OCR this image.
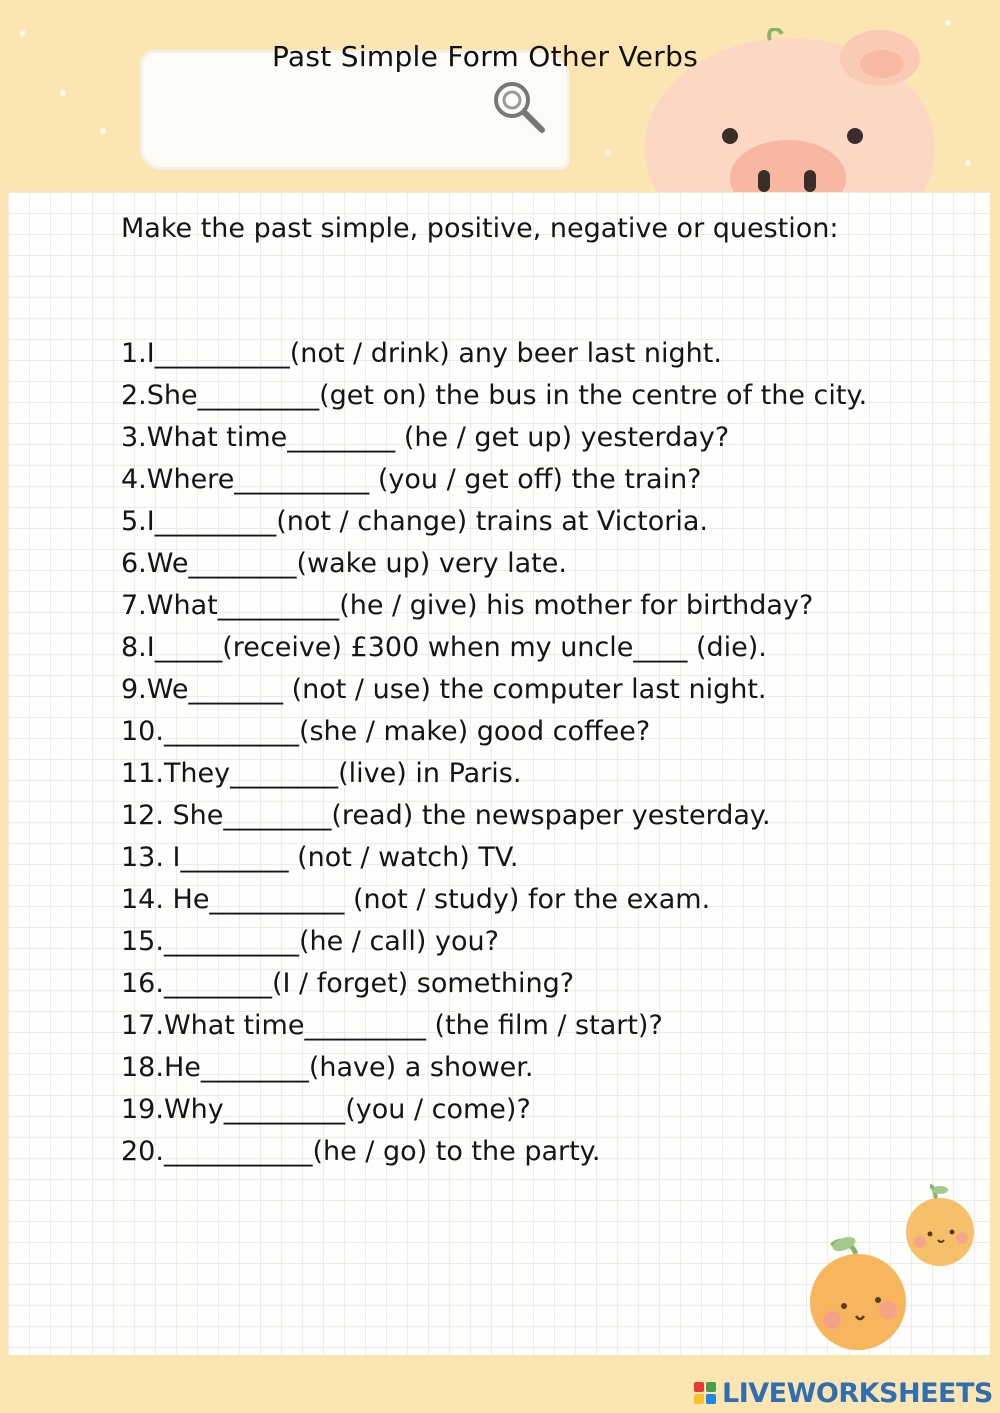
Past Simple Form Other Verbs

Make the past simple, positive, negative or question:

1.I__________(not / drink) any beer last night.
2.She_________(get on) the bus in the centre of the city.
3.What time________ (he / get up) yesterday?
4.Where__________ (you / get off) the train?
5.I_________(not / change) trains at Victoria.
6.We________(wake up) very late.
7.What_________(he / give) his mother for birthday?
8.I_____(receive) £300 when my uncle____ (die).
9.We_______ (not / use) the computer last night.
10.__________(she / make) good coffee?
11.They________(live) in Paris.
12. She________(read) the newspaper yesterday.
13. I________ (not / watch) TV.
14. He__________ (not / study) for the exam.
15.__________(he / call) you?
16.________(I / forget) something?
17.What time_________ (the film / start)?
18.He________(have) a shower.
19.Why_________(you / come)?
20.___________(he / go) to the party.
LIVEWORKSHEETS
